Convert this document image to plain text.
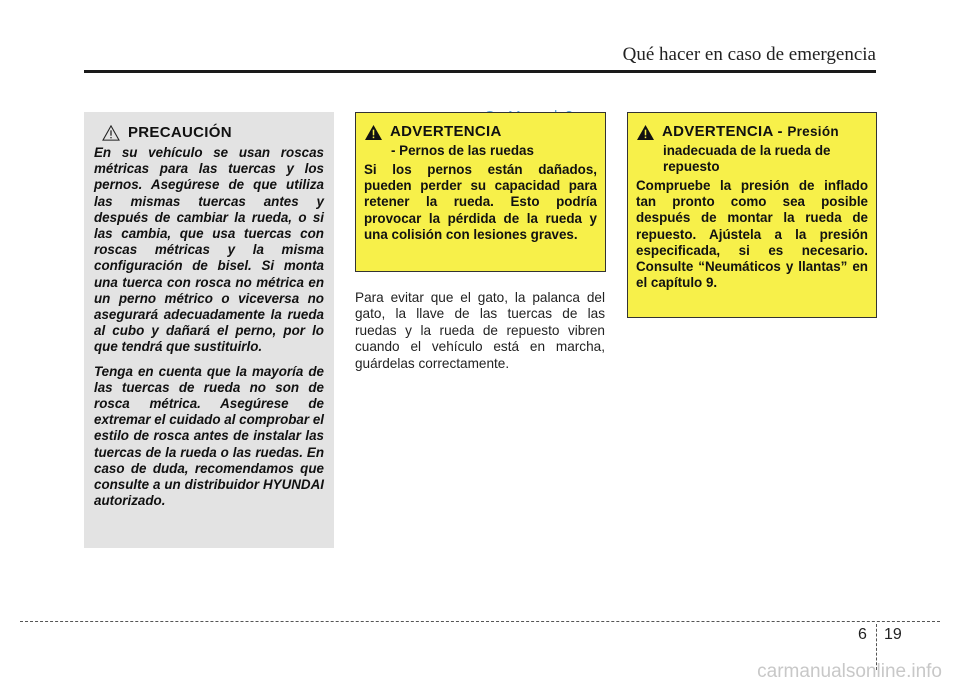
Qué hacer en caso de emergencia
PRECAUCIÓN

En su vehículo se usan roscas métricas para las tuercas y los pernos. Asegúrese de que utiliza las mismas tuercas antes y después de cambiar la rueda, o si las cambia, que usa tuercas con roscas métricas y la misma configuración de bisel. Si monta una tuerca con rosca no métrica en un perno métrico o viceversa no asegurará adecuadamente la rueda al cubo y dañará el perno, por lo que tendrá que sustituirlo.

Tenga en cuenta que la mayoría de las tuercas de rueda no son de rosca métrica. Asegúrese de extremar el cuidado al comprobar el estilo de rosca antes de instalar las tuercas de la rueda o las ruedas. En caso de duda, recomendamos que consulte a un distribuidor HYUNDAI autorizado.

ADVERTENCIA
- Pernos de las ruedas
Si los pernos están dañados, pueden perder su capacidad para retener la rueda. Esto podría provocar la pérdida de la rueda y una colisión con lesiones graves.
Para evitar que el gato, la palanca del gato, la llave de las tuercas de las ruedas y la rueda de repuesto vibren cuando el vehículo está en marcha, guárdelas correctamente.
ADVERTENCIA - Presión
inadecuada de la rueda de repuesto
Compruebe la presión de inflado tan pronto como sea posible después de montar la rueda de repuesto. Ajústela a la presión especificada, si es necesario. Consulte “Neumáticos y llantas” en el capítulo 9.
6 19
carmanualsonline.info
